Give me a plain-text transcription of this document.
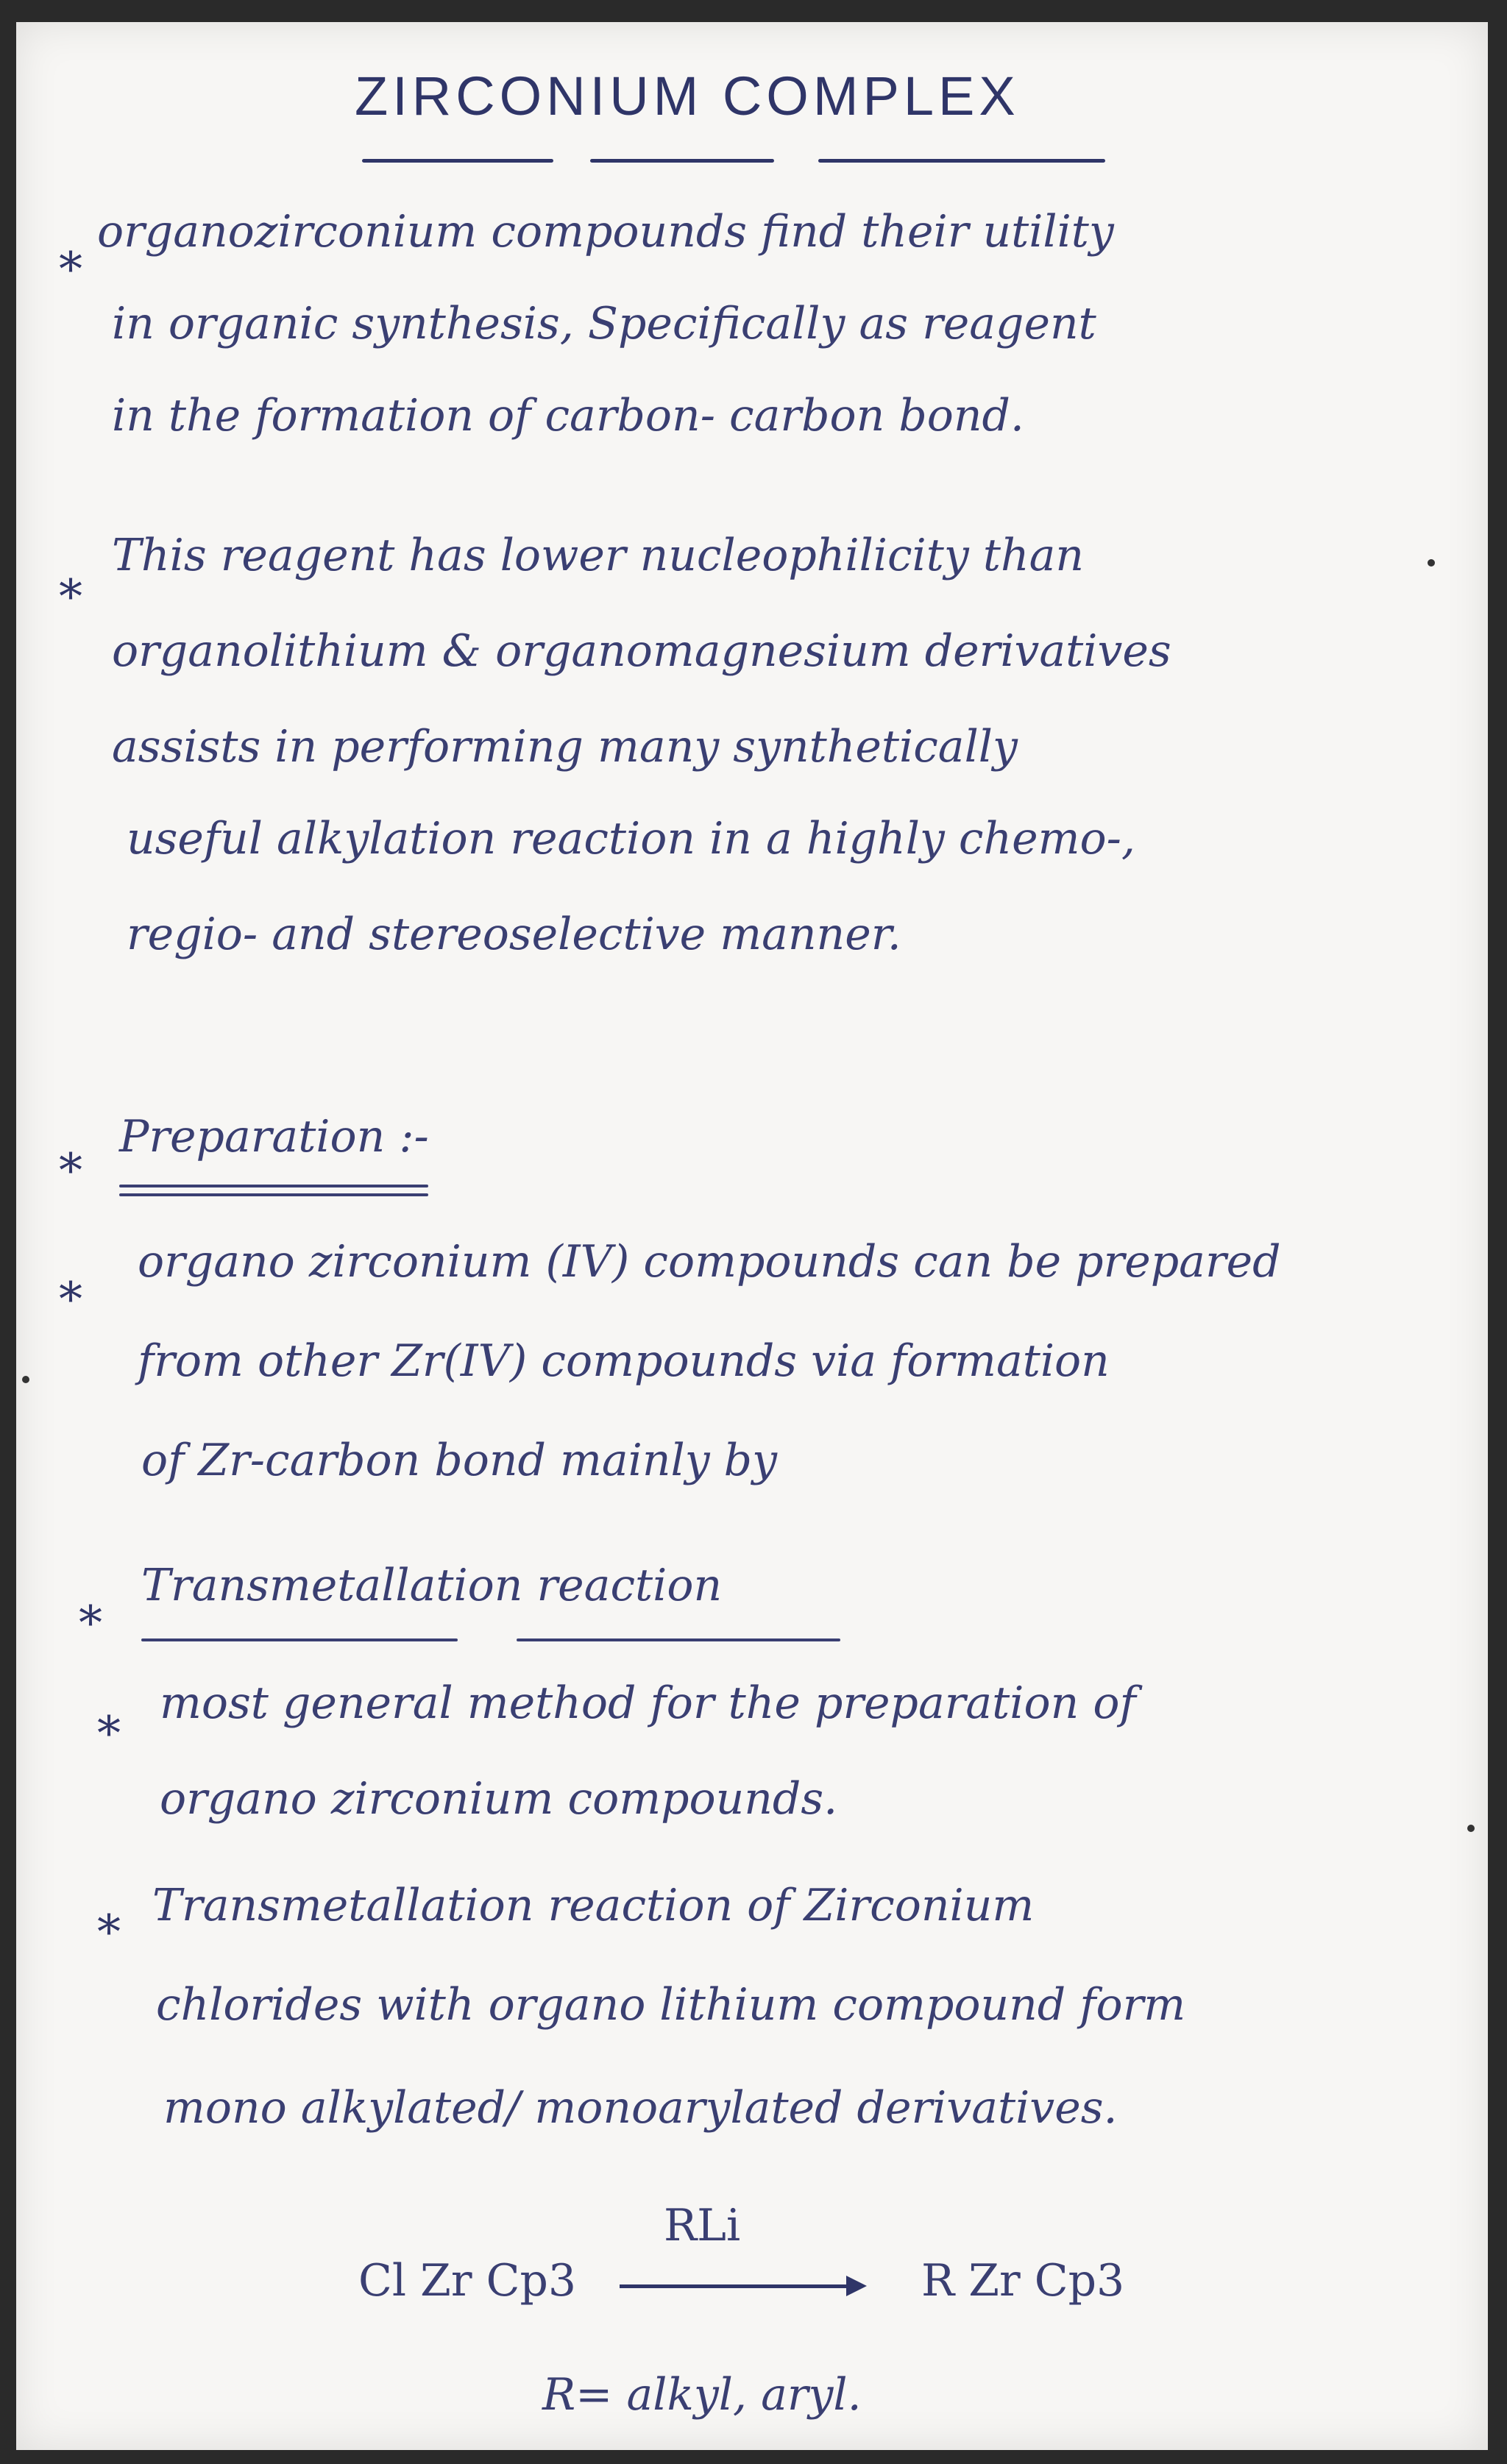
ZIRCONIUM COMPLEX
*
organozirconium compounds find their utility
in organic synthesis, Specifically as reagent
in the formation of carbon- carbon bond.
*
This reagent has lower nucleophilicity than
organolithium & organomagnesium derivatives
assists in performing many synthetically
useful alkylation reaction in a highly chemo-,
regio- and stereoselective manner.
*
Preparation :-
*
organo zirconium (IV) compounds can be prepared
from other Zr(IV) compounds via formation
of Zr-carbon bond mainly by
*
Transmetallation reaction
*
most general method for the preparation of
organo zirconium compounds.
* Transmetallation reaction of Zirconium
chlorides with organo lithium compound form
mono alkylated/ monoarylated derivatives.
Cl Zr Cp3
RLi
R Zr Cp3
R= alkyl, aryl.
